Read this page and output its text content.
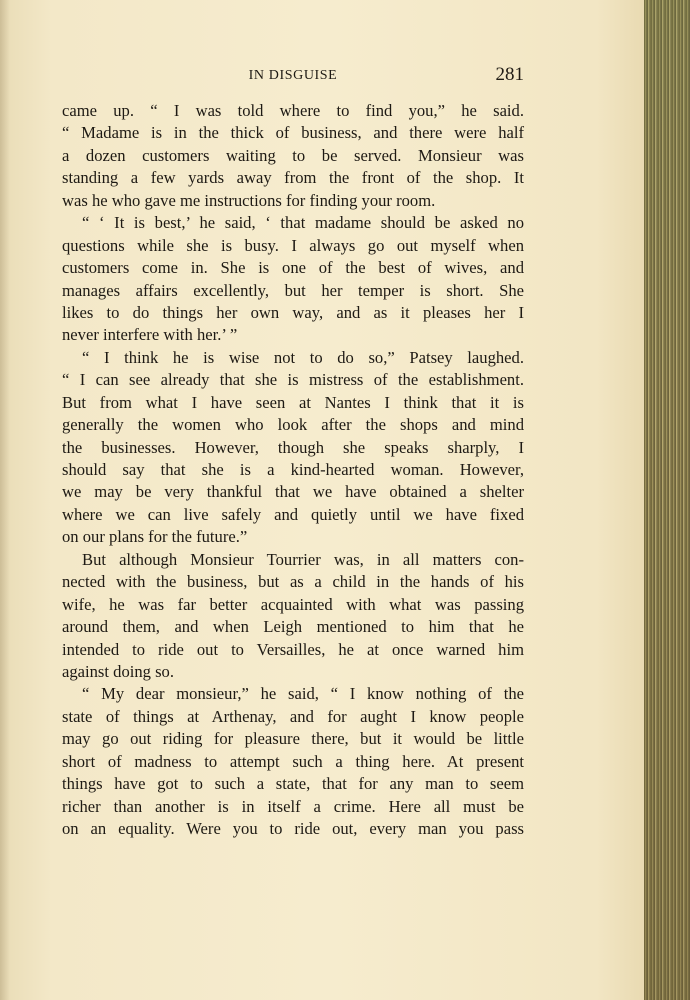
IN DISGUISE	281
came up. “ I was told where to find you,” he said.
“ Madame is in the thick of business, and there were half
a dozen customers waiting to be served. Monsieur was
standing a few yards away from the front of the shop. It
was he who gave me instructions for finding your room.
“ ‘ It is best,’ he said, ‘ that madame should be asked no
questions while she is busy. I always go out myself when
customers come in. She is one of the best of wives, and
manages affairs excellently, but her temper is short. She
likes to do things her own way, and as it pleases her I
never interfere with her.’ ”
“ I think he is wise not to do so,” Patsey laughed.
“ I can see already that she is mistress of the establishment.
But from what I have seen at Nantes I think that it is
generally the women who look after the shops and mind
the businesses. However, though she speaks sharply, I
should say that she is a kind-hearted woman. However,
we may be very thankful that we have obtained a shelter
where we can live safely and quietly until we have fixed
on our plans for the future.”
But although Monsieur Tourrier was, in all matters con-
nected with the business, but as a child in the hands of his
wife, he was far better acquainted with what was passing
around them, and when Leigh mentioned to him that he
intended to ride out to Versailles, he at once warned him
against doing so.
“ My dear monsieur,” he said, “ I know nothing of the
state of things at Arthenay, and for aught I know people
may go out riding for pleasure there, but it would be little
short of madness to attempt such a thing here. At present
things have got to such a state, that for any man to seem
richer than another is in itself a crime. Here all must be
on an equality. Were you to ride out, every man you pass
